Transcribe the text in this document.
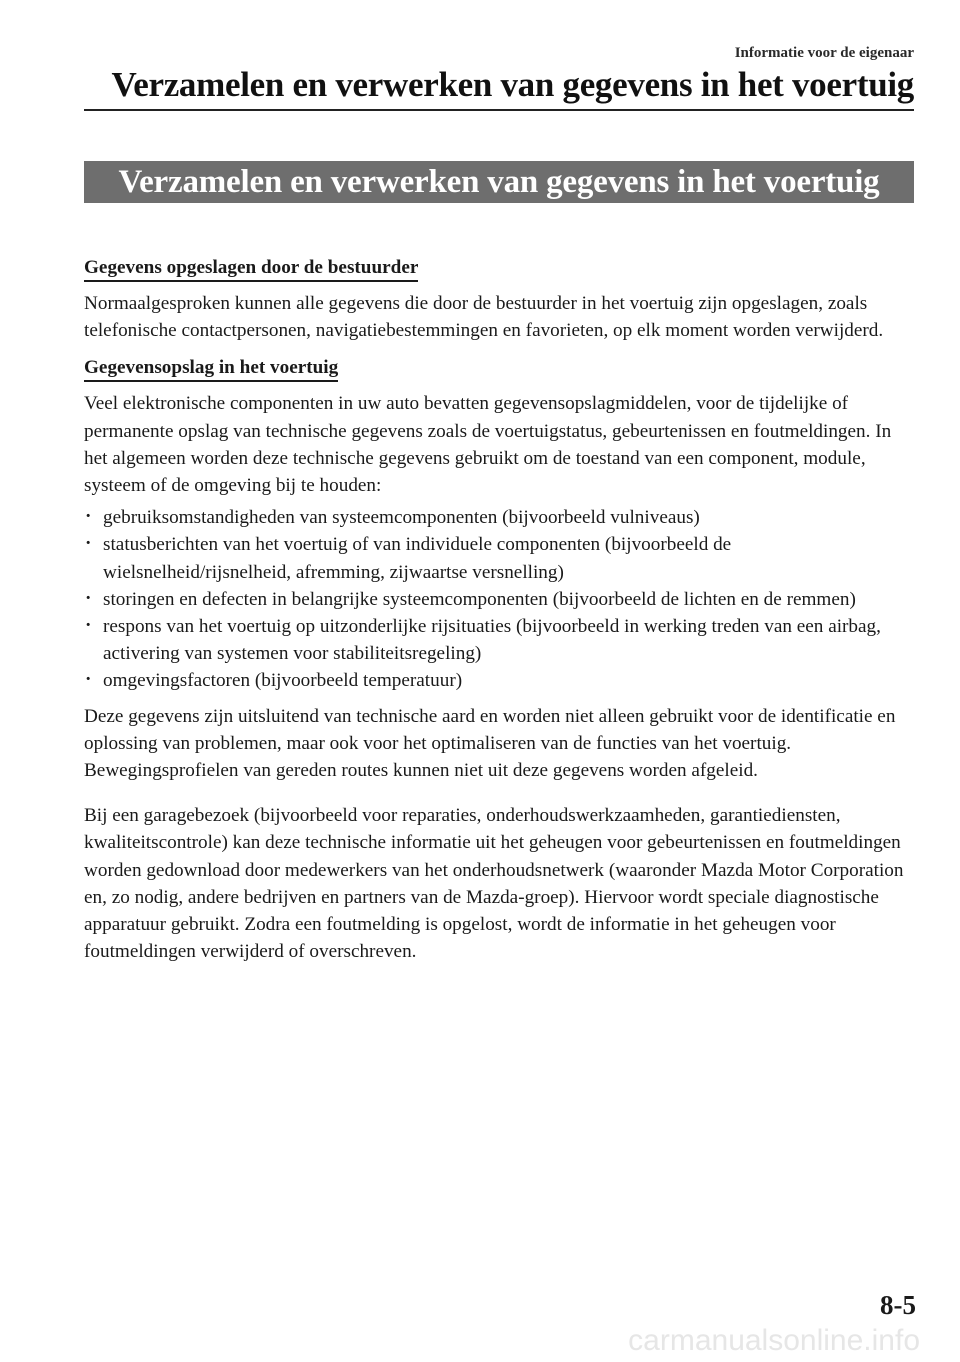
Informatie voor de eigenaar
Verzamelen en verwerken van gegevens in het voertuig
Verzamelen en verwerken van gegevens in het voertuig
Gegevens opgeslagen door de bestuurder

Normaalgesproken kunnen alle gegevens die door de bestuurder in het voertuig zijn opgeslagen, zoals telefonische contactpersonen, navigatiebestemmingen en favorieten, op elk moment worden verwijderd.

Gegevensopslag in het voertuig

Veel elektronische componenten in uw auto bevatten gegevensopslagmiddelen, voor de tijdelijke of permanente opslag van technische gegevens zoals de voertuigstatus, gebeurtenissen en foutmeldingen. In het algemeen worden deze technische gegevens gebruikt om de toestand van een component, module, systeem of de omgeving bij te houden:

· gebruiksomstandigheden van systeemcomponenten (bijvoorbeeld vulniveaus)
· statusberichten van het voertuig of van individuele componenten (bijvoorbeeld de wielsnelheid/rijsnelheid, afremming, zijwaartse versnelling)
· storingen en defecten in belangrijke systeemcomponenten (bijvoorbeeld de lichten en de remmen)
· respons van het voertuig op uitzonderlijke rijsituaties (bijvoorbeeld in werking treden van een airbag, activering van systemen voor stabiliteitsregeling)
· omgevingsfactoren (bijvoorbeeld temperatuur)

Deze gegevens zijn uitsluitend van technische aard en worden niet alleen gebruikt voor de identificatie en oplossing van problemen, maar ook voor het optimaliseren van de functies van het voertuig. Bewegingsprofielen van gereden routes kunnen niet uit deze gegevens worden afgeleid.

Bij een garagebezoek (bijvoorbeeld voor reparaties, onderhoudswerkzaamheden, garantiediensten, kwaliteitscontrole) kan deze technische informatie uit het geheugen voor gebeurtenissen en foutmeldingen worden gedownload door medewerkers van het onderhoudsnetwerk (waaronder Mazda Motor Corporation en, zo nodig, andere bedrijven en partners van de Mazda-groep). Hiervoor wordt speciale diagnostische apparatuur gebruikt. Zodra een foutmelding is opgelost, wordt de informatie in het geheugen voor foutmeldingen verwijderd of overschreven.

8-5
carmanualsonline.info
